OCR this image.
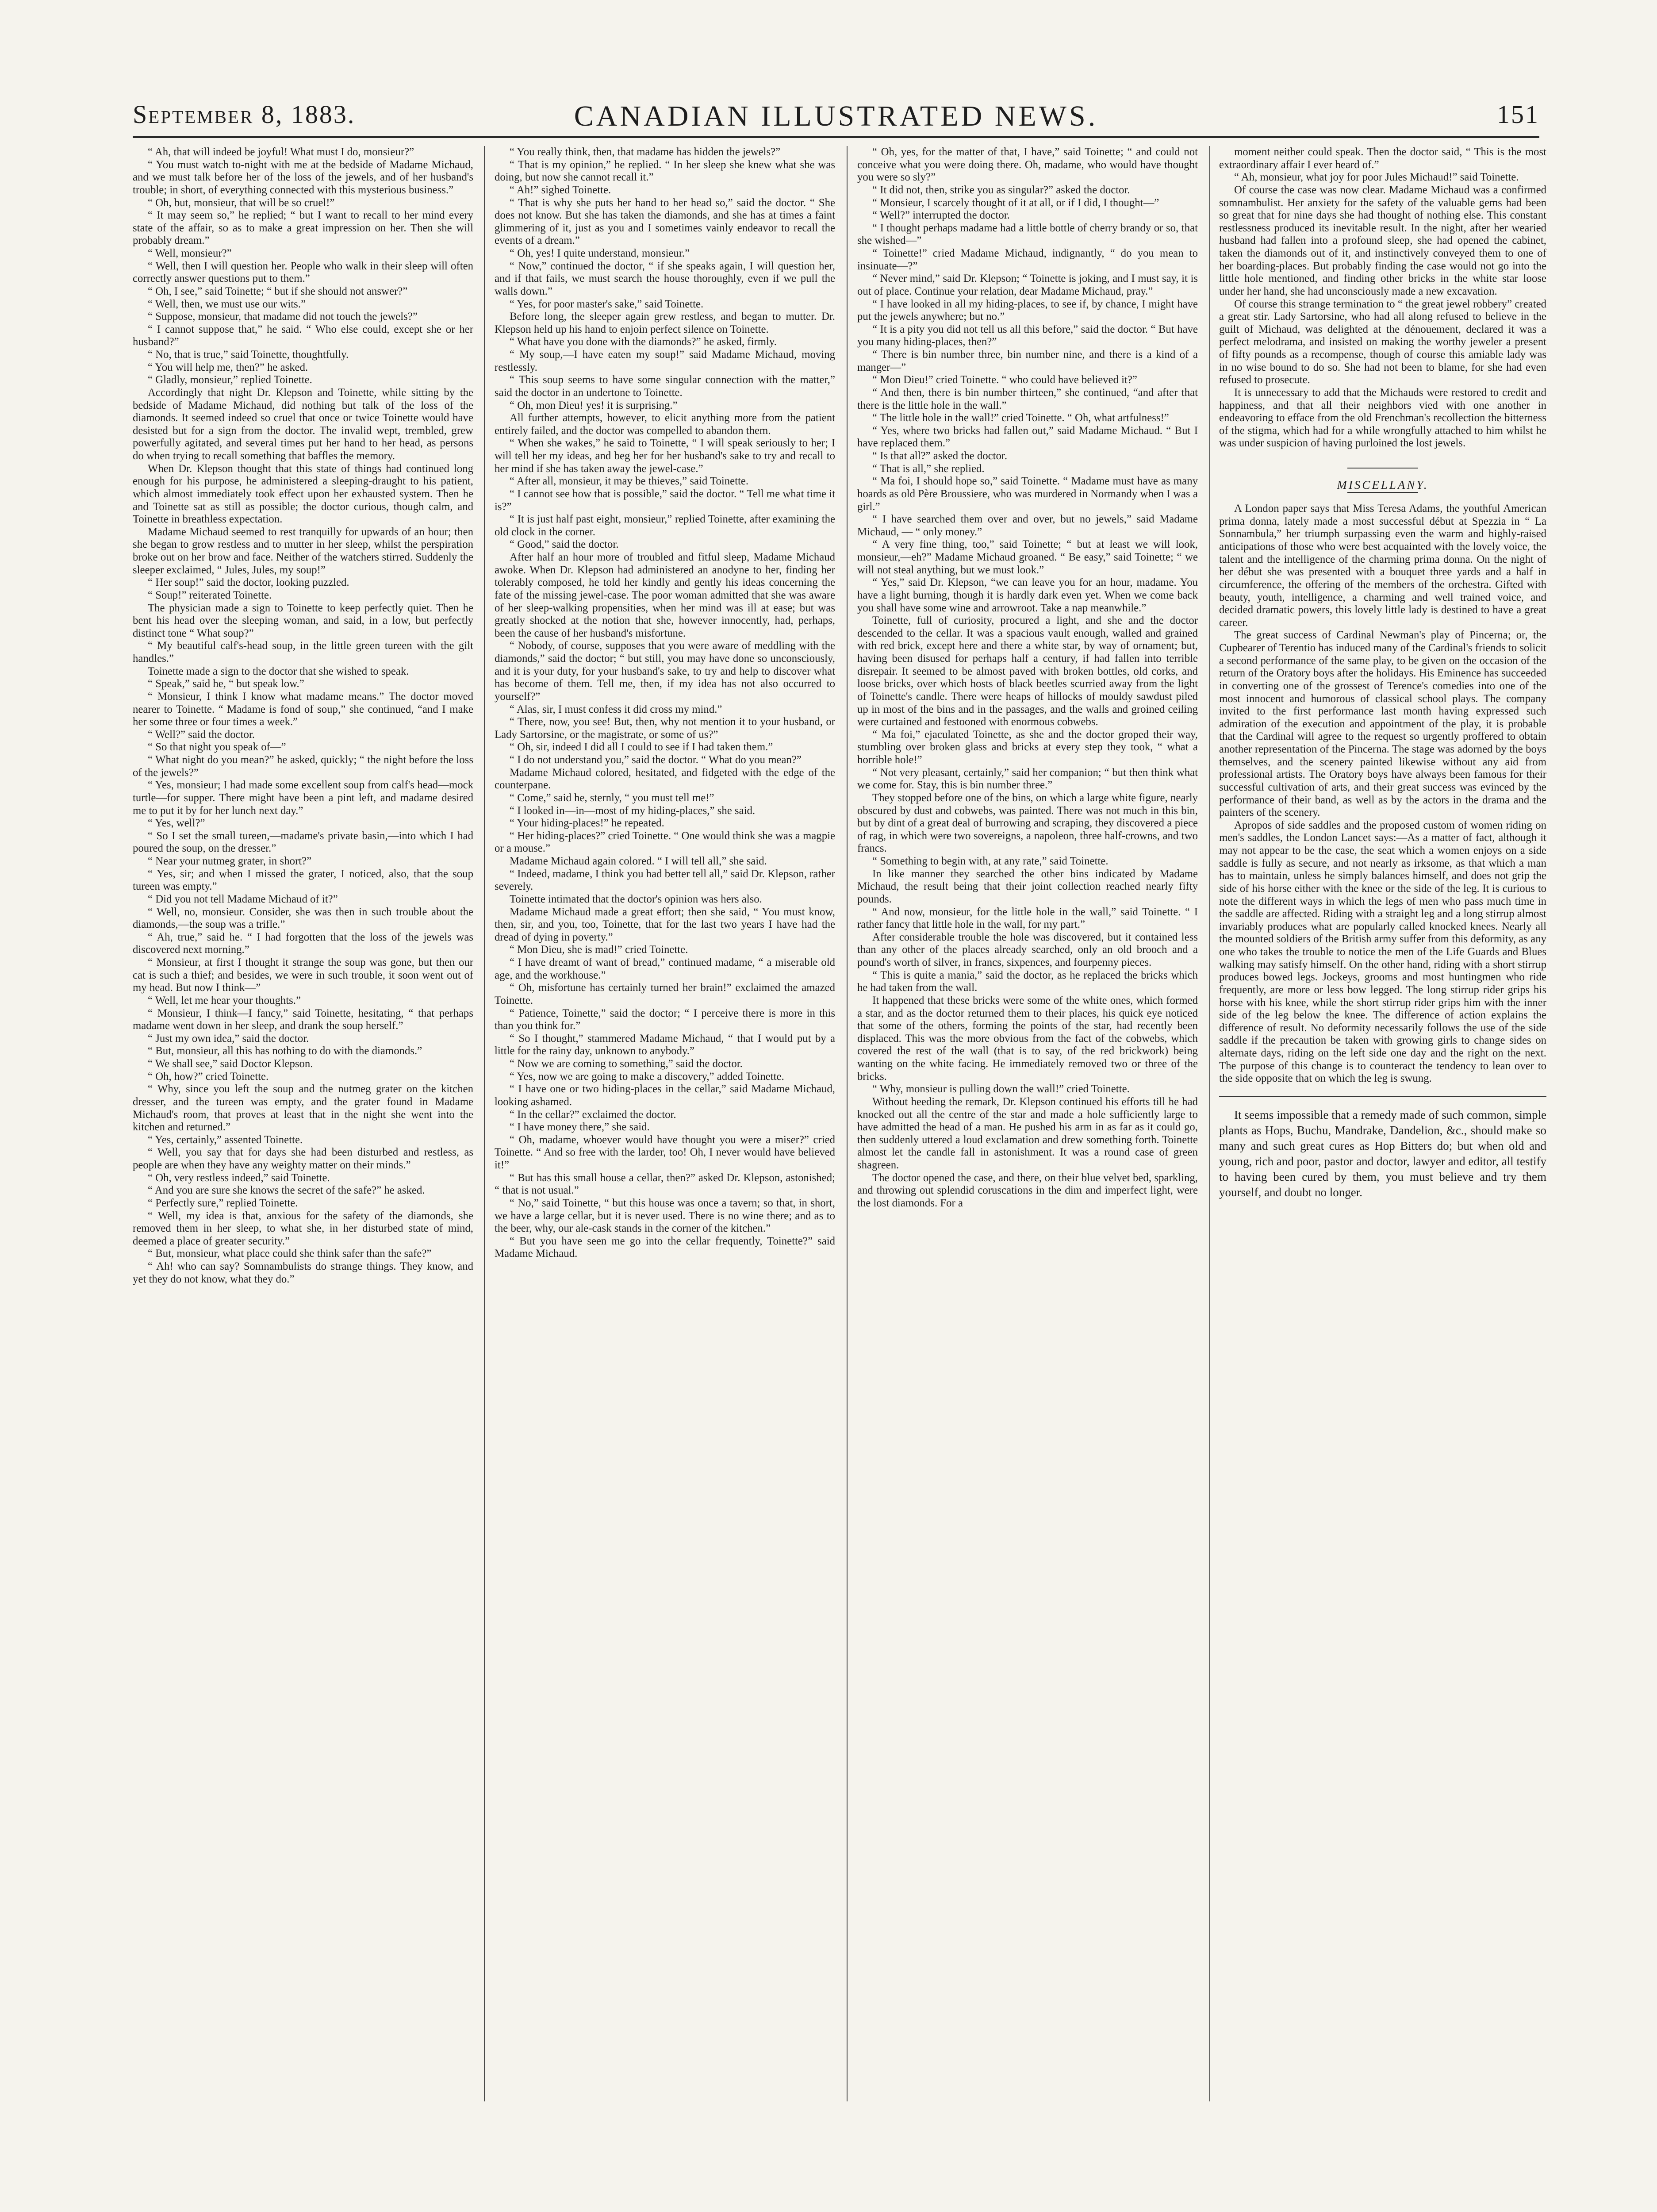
CANADIAN ILLUSTRATED NEWS.
September 8, 1883.	151

“ Ah, that will indeed be joyful! What must I do, monsieur?”

“ You must watch to-night with me at the bedside of Madame Michaud, and we must talk before her of the loss of the jewels, and of her husband's trouble; in short, of everything connected with this mysterious business.”

“ Oh, but, monsieur, that will be so cruel!”

“ It may seem so,” he replied; “ but I want to recall to her mind every state of the affair, so as to make a great impression on her. Then she will probably dream.”

“ Well, monsieur?”

“ Well, then I will question her. People who walk in their sleep will often correctly answer questions put to them.”

“ Oh, I see,” said Toinette; “ but if she should not answer?”

“ Well, then, we must use our wits.”

“ Suppose, monsieur, that madame did not touch the jewels?”

“ I cannot suppose that,” he said. “ Who else could, except she or her husband?”

“ No, that is true,” said Toinette, thoughtfully.

“ You will help me, then?” he asked.

“ Gladly, monsieur,” replied Toinette.

Accordingly that night Dr. Klepson and Toinette, while sitting by the bedside of Madame Michaud, did nothing but talk of the loss of the diamonds. It seemed indeed so cruel that once or twice Toinette would have desisted but for a sign from the doctor. The invalid wept, trembled, grew powerfully agitated, and several times put her hand to her head, as persons do when trying to recall something that baffles the memory.

When Dr. Klepson thought that this state of things had continued long enough for his purpose, he administered a sleeping-draught to his patient, which almost immediately took effect upon her exhausted system. Then he and Toinette sat as still as possible; the doctor curious, though calm, and Toinette in breathless expectation.

Madame Michaud seemed to rest tranquilly for upwards of an hour; then she began to grow restless and to mutter in her sleep, whilst the perspiration broke out on her brow and face. Neither of the watchers stirred. Suddenly the sleeper exclaimed, “ Jules, Jules, my soup!”

“ Her soup!” said the doctor, looking puzzled.

“ Soup!” reiterated Toinette.

The physician made a sign to Toinette to keep perfectly quiet. Then he bent his head over the sleeping woman, and said, in a low, but perfectly distinct tone “ What soup?”

“ My beautiful calf's-head soup, in the little green tureen with the gilt handles.”

Toinette made a sign to the doctor that she wished to speak.

“ Speak,” said he, “ but speak low.”

“ Monsieur, I think I know what madame means.” The doctor moved nearer to Toinette. “ Madame is fond of soup,” she continued, “and I make her some three or four times a week.”

“ Well?” said the doctor.

“ So that night you speak of—”

“ What night do you mean?” he asked, quickly; “ the night before the loss of the jewels?”

“ Yes, monsieur; I had made some excellent soup from calf's head—mock turtle—for supper. There might have been a pint left, and madame desired me to put it by for her lunch next day.”

“ Yes, well?”

“ So I set the small tureen,—madame's private basin,—into which I had poured the soup, on the dresser.”

“ Near your nutmeg grater, in short?”

“ Yes, sir; and when I missed the grater, I noticed, also, that the soup tureen was empty.”

“ Did you not tell Madame Michaud of it?”

“ Well, no, monsieur. Consider, she was then in such trouble about the diamonds,—the soup was a trifle.”

“ Ah, true,” said he. “ I had forgotten that the loss of the jewels was discovered next morning.”

“ Monsieur, at first I thought it strange the soup was gone, but then our cat is such a thief; and besides, we were in such trouble, it soon went out of my head. But now I think—”

“ Well, let me hear your thoughts.”

“ Monsieur, I think—I fancy,” said Toinette, hesitating, “ that perhaps madame went down in her sleep, and drank the soup herself.”

“ Just my own idea,” said the doctor.

“ But, monsieur, all this has nothing to do with the diamonds.”

“ We shall see,” said Doctor Klepson.

“ Oh, how?” cried Toinette.

“ Why, since you left the soup and the nutmeg grater on the kitchen dresser, and the tureen was empty, and the grater found in Madame Michaud's room, that proves at least that in the night she went into the kitchen and returned.”

“ Yes, certainly,” assented Toinette.

“ Well, you say that for days she had been disturbed and restless, as people are when they have any weighty matter on their minds.”

“ Oh, very restless indeed,” said Toinette.

“ And you are sure she knows the secret of the safe?” he asked.

“ Perfectly sure,” replied Toinette.

“ Well, my idea is that, anxious for the safety of the diamonds, she removed them in her sleep, to what she, in her disturbed state of mind, deemed a place of greater security.”

“ But, monsieur, what place could she think safer than the safe?”

“ Ah! who can say? Somnambulists do strange things. They know, and yet they do not know, what they do.”

“ You really think, then, that madame has hidden the jewels?”

“ That is my opinion,” he replied. “ In her sleep she knew what she was doing, but now she cannot recall it.”

“ Ah!” sighed Toinette.

“ That is why she puts her hand to her head so,” said the doctor. “ She does not know. But she has taken the diamonds, and she has at times a faint glimmering of it, just as you and I sometimes vainly endeavor to recall the events of a dream.”

“ Oh, yes! I quite understand, monsieur.”

“ Now,” continued the doctor, “ if she speaks again, I will question her, and if that fails, we must search the house thoroughly, even if we pull the walls down.”

“ Yes, for poor master's sake,” said Toinette.

Before long, the sleeper again grew restless, and began to mutter. Dr. Klepson held up his hand to enjoin perfect silence on Toinette.

“ What have you done with the diamonds?” he asked, firmly.

“ My soup,—I have eaten my soup!” said Madame Michaud, moving restlessly.

“ This soup seems to have some singular connection with the matter,” said the doctor in an undertone to Toinette.

“ Oh, mon Dieu! yes! it is surprising.”

All further attempts, however, to elicit anything more from the patient entirely failed, and the doctor was compelled to abandon them.

“ When she wakes,” he said to Toinette, “ I will speak seriously to her; I will tell her my ideas, and beg her for her husband's sake to try and recall to her mind if she has taken away the jewel-case.”

“ After all, monsieur, it may be thieves,” said Toinette.

“ I cannot see how that is possible,” said the doctor. “ Tell me what time it is?”

“ It is just half past eight, monsieur,” replied Toinette, after examining the old clock in the corner.

“ Good,” said the doctor.

After half an hour more of troubled and fitful sleep, Madame Michaud awoke. When Dr. Klepson had administered an anodyne to her, finding her tolerably composed, he told her kindly and gently his ideas concerning the fate of the missing jewel-case. The poor woman admitted that she was aware of her sleep-walking propensities, when her mind was ill at ease; but was greatly shocked at the notion that she, however innocently, had, perhaps, been the cause of her husband's misfortune.

“ Nobody, of course, supposes that you were aware of meddling with the diamonds,” said the doctor; “ but still, you may have done so unconsciously, and it is your duty, for your husband's sake, to try and help to discover what has become of them. Tell me, then, if my idea has not also occurred to yourself?”

“ Alas, sir, I must confess it did cross my mind.”

“ There, now, you see! But, then, why not mention it to your husband, or Lady Sartorsine, or the magistrate, or some of us?”

“ Oh, sir, indeed I did all I could to see if I had taken them.”

“ I do not understand you,” said the doctor. “ What do you mean?”

Madame Michaud colored, hesitated, and fidgeted with the edge of the counterpane.

“ Come,” said he, sternly, “ you must tell me!”

“ I looked in—in—most of my hiding-places,” she said.

“ Your hiding-places!” he repeated.

“ Her hiding-places?” cried Toinette. “ One would think she was a magpie or a mouse.”

Madame Michaud again colored. “ I will tell all,” she said.

“ Indeed, madame, I think you had better tell all,” said Dr. Klepson, rather severely.

Toinette intimated that the doctor's opinion was hers also.

Madame Michaud made a great effort; then she said, “ You must know, then, sir, and you, too, Toinette, that for the last two years I have had the dread of dying in poverty.”

“ Mon Dieu, she is mad!” cried Toinette.

“ I have dreamt of want of bread,” continued madame, “ a miserable old age, and the workhouse.”

“ Oh, misfortune has certainly turned her brain!” exclaimed the amazed Toinette.

“ Patience, Toinette,” said the doctor; “ I perceive there is more in this than you think for.”

“ So I thought,” stammered Madame Michaud, “ that I would put by a little for the rainy day, unknown to anybody.”

“ Now we are coming to something,” said the doctor.

“ Yes, now we are going to make a discovery,” added Toinette.

“ I have one or two hiding-places in the cellar,” said Madame Michaud, looking ashamed.

“ In the cellar?” exclaimed the doctor.

“ I have money there,” she said.

“ Oh, madame, whoever would have thought you were a miser?” cried Toinette. “ And so free with the larder, too! Oh, I never would have believed it!”

“ But has this small house a cellar, then?” asked Dr. Klepson, astonished; “ that is not usual.”

“ No,” said Toinette, “ but this house was once a tavern; so that, in short, we have a large cellar, but it is never used. There is no wine there; and as to the beer, why, our ale-cask stands in the corner of the kitchen.”

“ But you have seen me go into the cellar frequently, Toinette?” said Madame Michaud.

“ Oh, yes, for the matter of that, I have,” said Toinette; “ and could not conceive what you were doing there. Oh, madame, who would have thought you were so sly?”

“ It did not, then, strike you as singular?” asked the doctor.

“ Monsieur, I scarcely thought of it at all, or if I did, I thought—”

“ Well?” interrupted the doctor.

“ I thought perhaps madame had a little bottle of cherry brandy or so, that she wished—”

“ Toinette!” cried Madame Michaud, indignantly, “ do you mean to insinuate—?”

“ Never mind,” said Dr. Klepson; “ Toinette is joking, and I must say, it is out of place. Continue your relation, dear Madame Michaud, pray.”

“ I have looked in all my hiding-places, to see if, by chance, I might have put the jewels anywhere; but no.”

“ It is a pity you did not tell us all this before,” said the doctor. “ But have you many hiding-places, then?”

“ There is bin number three, bin number nine, and there is a kind of a manger—”

“ Mon Dieu!” cried Toinette. “ who could have believed it?”

“ And then, there is bin number thirteen,” she continued, “and after that there is the little hole in the wall.”

“ The little hole in the wall!” cried Toinette. “ Oh, what artfulness!”

“ Yes, where two bricks had fallen out,” said Madame Michaud. “ But I have replaced them.”

“ Is that all?” asked the doctor.

“ That is all,” she replied.

“ Ma foi, I should hope so,” said Toinette. “ Madame must have as many hoards as old Père Broussiere, who was murdered in Normandy when I was a girl.”

“ I have searched them over and over, but no jewels,” said Madame Michaud, — “ only money.”

“ A very fine thing, too,” said Toinette; “ but at least we will look, monsieur,—eh?” Madame Michaud groaned. “ Be easy,” said Toinette; “ we will not steal anything, but we must look.”

“ Yes,” said Dr. Klepson, “we can leave you for an hour, madame. You have a light burning, though it is hardly dark even yet. When we come back you shall have some wine and arrowroot. Take a nap meanwhile.”

Toinette, full of curiosity, procured a light, and she and the doctor descended to the cellar. It was a spacious vault enough, walled and grained with red brick, except here and there a white star, by way of ornament; but, having been disused for perhaps half a century, if had fallen into terrible disrepair. It seemed to be almost paved with broken bottles, old corks, and loose bricks, over which hosts of black beetles scurried away from the light of Toinette's candle. There were heaps of hillocks of mouldy sawdust piled up in most of the bins and in the passages, and the walls and groined ceiling were curtained and festooned with enormous cobwebs.

“ Ma foi,” ejaculated Toinette, as she and the doctor groped their way, stumbling over broken glass and bricks at every step they took, “ what a horrible hole!”

“ Not very pleasant, certainly,” said her companion; “ but then think what we come for. Stay, this is bin number three.”

They stopped before one of the bins, on which a large white figure, nearly obscured by dust and cobwebs, was painted. There was not much in this bin, but by dint of a great deal of burrowing and scraping, they discovered a piece of rag, in which were two sovereigns, a napoleon, three half-crowns, and two francs.

“ Something to begin with, at any rate,” said Toinette.

In like manner they searched the other bins indicated by Madame Michaud, the result being that their joint collection reached nearly fifty pounds.

“ And now, monsieur, for the little hole in the wall,” said Toinette. “ I rather fancy that little hole in the wall, for my part.”

After considerable trouble the hole was discovered, but it contained less than any other of the places already searched, only an old brooch and a pound's worth of silver, in francs, sixpences, and fourpenny pieces.

“ This is quite a mania,” said the doctor, as he replaced the bricks which he had taken from the wall.

It happened that these bricks were some of the white ones, which formed a star, and as the doctor returned them to their places, his quick eye noticed that some of the others, forming the points of the star, had recently been displaced. This was the more obvious from the fact of the cobwebs, which covered the rest of the wall (that is to say, of the red brickwork) being wanting on the white facing. He immediately removed two or three of the bricks.

“ Why, monsieur is pulling down the wall!” cried Toinette.

Without heeding the remark, Dr. Klepson continued his efforts till he had knocked out all the centre of the star and made a hole sufficiently large to have admitted the head of a man. He pushed his arm in as far as it could go, then suddenly uttered a loud exclamation and drew something forth. Toinette almost let the candle fall in astonishment. It was a round case of green shagreen.

The doctor opened the case, and there, on their blue velvet bed, sparkling, and throwing out splendid coruscations in the dim and imperfect light, were the lost diamonds. For a

moment neither could speak. Then the doctor said, “ This is the most extraordinary affair I ever heard of.”

“ Ah, monsieur, what joy for poor Jules Michaud!” said Toinette.

Of course the case was now clear. Madame Michaud was a confirmed somnambulist. Her anxiety for the safety of the valuable gems had been so great that for nine days she had thought of nothing else. This constant restlessness produced its inevitable result. In the night, after her wearied husband had fallen into a profound sleep, she had opened the cabinet, taken the diamonds out of it, and instinctively conveyed them to one of her boarding-places. But probably finding the case would not go into the little hole mentioned, and finding other bricks in the white star loose under her hand, she had unconsciously made a new excavation.

Of course this strange termination to “ the great jewel robbery” created a great stir. Lady Sartorsine, who had all along refused to believe in the guilt of Michaud, was delighted at the dénouement, declared it was a perfect melodrama, and insisted on making the worthy jeweler a present of fifty pounds as a recompense, though of course this amiable lady was in no wise bound to do so. She had not been to blame, for she had even refused to prosecute.

It is unnecessary to add that the Michauds were restored to credit and happiness, and that all their neighbors vied with one another in endeavoring to efface from the old Frenchman's recollection the bitterness of the stigma, which had for a while wrongfully attached to him whilst he was under suspicion of having purloined the lost jewels.

MISCELLANY.

A London paper says that Miss Teresa Adams, the youthful American prima donna, lately made a most successful début at Spezzia in “ La Sonnambula,” her triumph surpassing even the warm and highly-raised anticipations of those who were best acquainted with the lovely voice, the talent and the intelligence of the charming prima donna. On the night of her début she was presented with a bouquet three yards and a half in circumference, the offering of the members of the orchestra. Gifted with beauty, youth, intelligence, a charming and well trained voice, and decided dramatic powers, this lovely little lady is destined to have a great career.

The great success of Cardinal Newman's play of Pincerna; or, the Cupbearer of Terentio has induced many of the Cardinal's friends to solicit a second performance of the same play, to be given on the occasion of the return of the Oratory boys after the holidays. His Eminence has succeeded in converting one of the grossest of Terence's comedies into one of the most innocent and humorous of classical school plays. The company invited to the first performance last month having expressed such admiration of the execution and appointment of the play, it is probable that the Cardinal will agree to the request so urgently proffered to obtain another representation of the Pincerna. The stage was adorned by the boys themselves, and the scenery painted likewise without any aid from professional artists. The Oratory boys have always been famous for their successful cultivation of arts, and their great success was evinced by the performance of their band, as well as by the actors in the drama and the painters of the scenery.

Apropos of side saddles and the proposed custom of women riding on men's saddles, the London Lancet says:—As a matter of fact, although it may not appear to be the case, the seat which a women enjoys on a side saddle is fully as secure, and not nearly as irksome, as that which a man has to maintain, unless he simply balances himself, and does not grip the side of his horse either with the knee or the side of the leg. It is curious to note the different ways in which the legs of men who pass much time in the saddle are affected. Riding with a straight leg and a long stirrup almost invariably produces what are popularly called knocked knees. Nearly all the mounted soldiers of the British army suffer from this deformity, as any one who takes the trouble to notice the men of the Life Guards and Blues walking may satisfy himself. On the other hand, riding with a short stirrup produces bowed legs. Jockeys, grooms and most huntingmen who ride frequently, are more or less bow legged. The long stirrup rider grips his horse with his knee, while the short stirrup rider grips him with the inner side of the leg below the knee. The difference of action explains the difference of result. No deformity necessarily follows the use of the side saddle if the precaution be taken with growing girls to change sides on alternate days, riding on the left side one day and the right on the next. The purpose of this change is to counteract the tendency to lean over to the side opposite that on which the leg is swung.

It seems impossible that a remedy made of such common, simple plants as Hops, Buchu, Mandrake, Dandelion, &c., should make so many and such great cures as Hop Bitters do; but when old and young, rich and poor, pastor and doctor, lawyer and editor, all testify to having been cured by them, you must believe and try them yourself, and doubt no longer.
